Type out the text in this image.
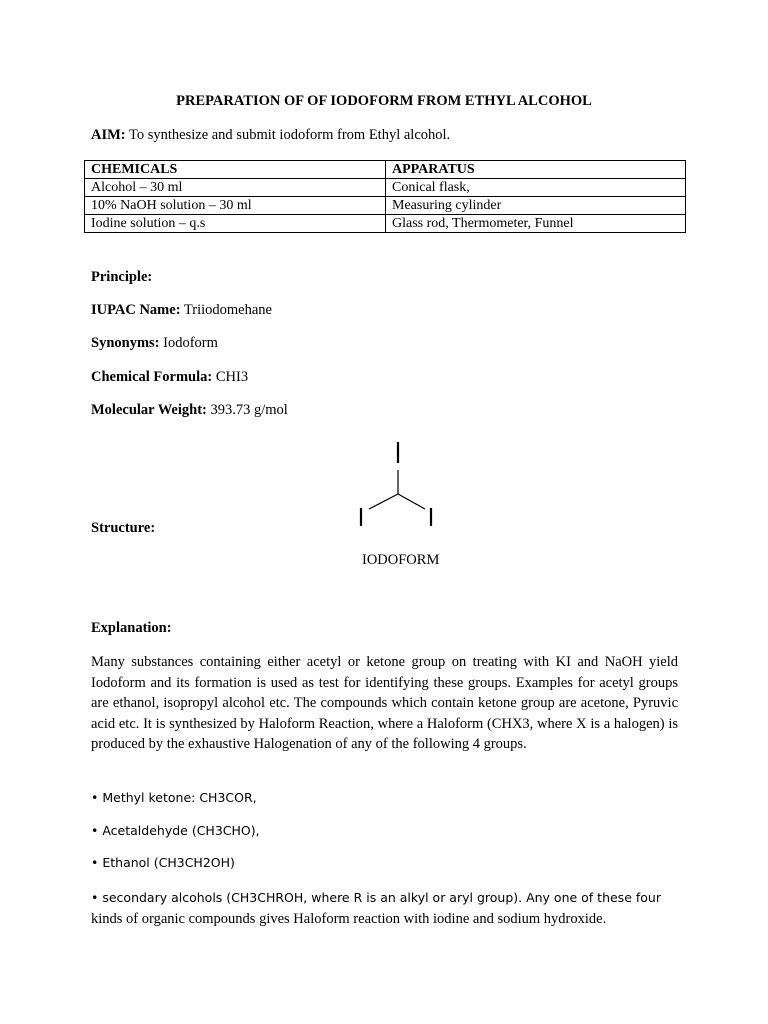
PREPARATION OF OF IODOFORM FROM ETHYL ALCOHOL
AIM: To synthesize and submit iodoform from Ethyl alcohol.
CHEMICALS	APPARATUS
Alcohol – 30 ml	Conical flask,
10% NaOH solution – 30 ml	Measuring cylinder
Iodine solution – q.s	Glass rod, Thermometer, Funnel
Principle:
IUPAC Name: Triiodomehane
Synonyms: Iodoform
Chemical Formula: CHI3
Molecular Weight: 393.73 g/mol
Structure:
IODOFORM
Explanation:
Many substances containing either acetyl or ketone group on treating with KI and NaOH yield Iodoform and its formation is used as test for identifying these groups. Examples for acetyl groups are ethanol, isopropyl alcohol etc. The compounds which contain ketone group are acetone, Pyruvic acid etc. It is synthesized by Haloform Reaction, where a Haloform (CHX3, where X is a halogen) is produced by the exhaustive Halogenation of any of the following 4 groups.
• Methyl ketone: CH3COR,
• Acetaldehyde (CH3CHO),
• Ethanol (CH3CH2OH)
• secondary alcohols (CH3CHROH, where R is an alkyl or aryl group). Any one of these four
kinds of organic compounds gives Haloform reaction with iodine and sodium hydroxide.
